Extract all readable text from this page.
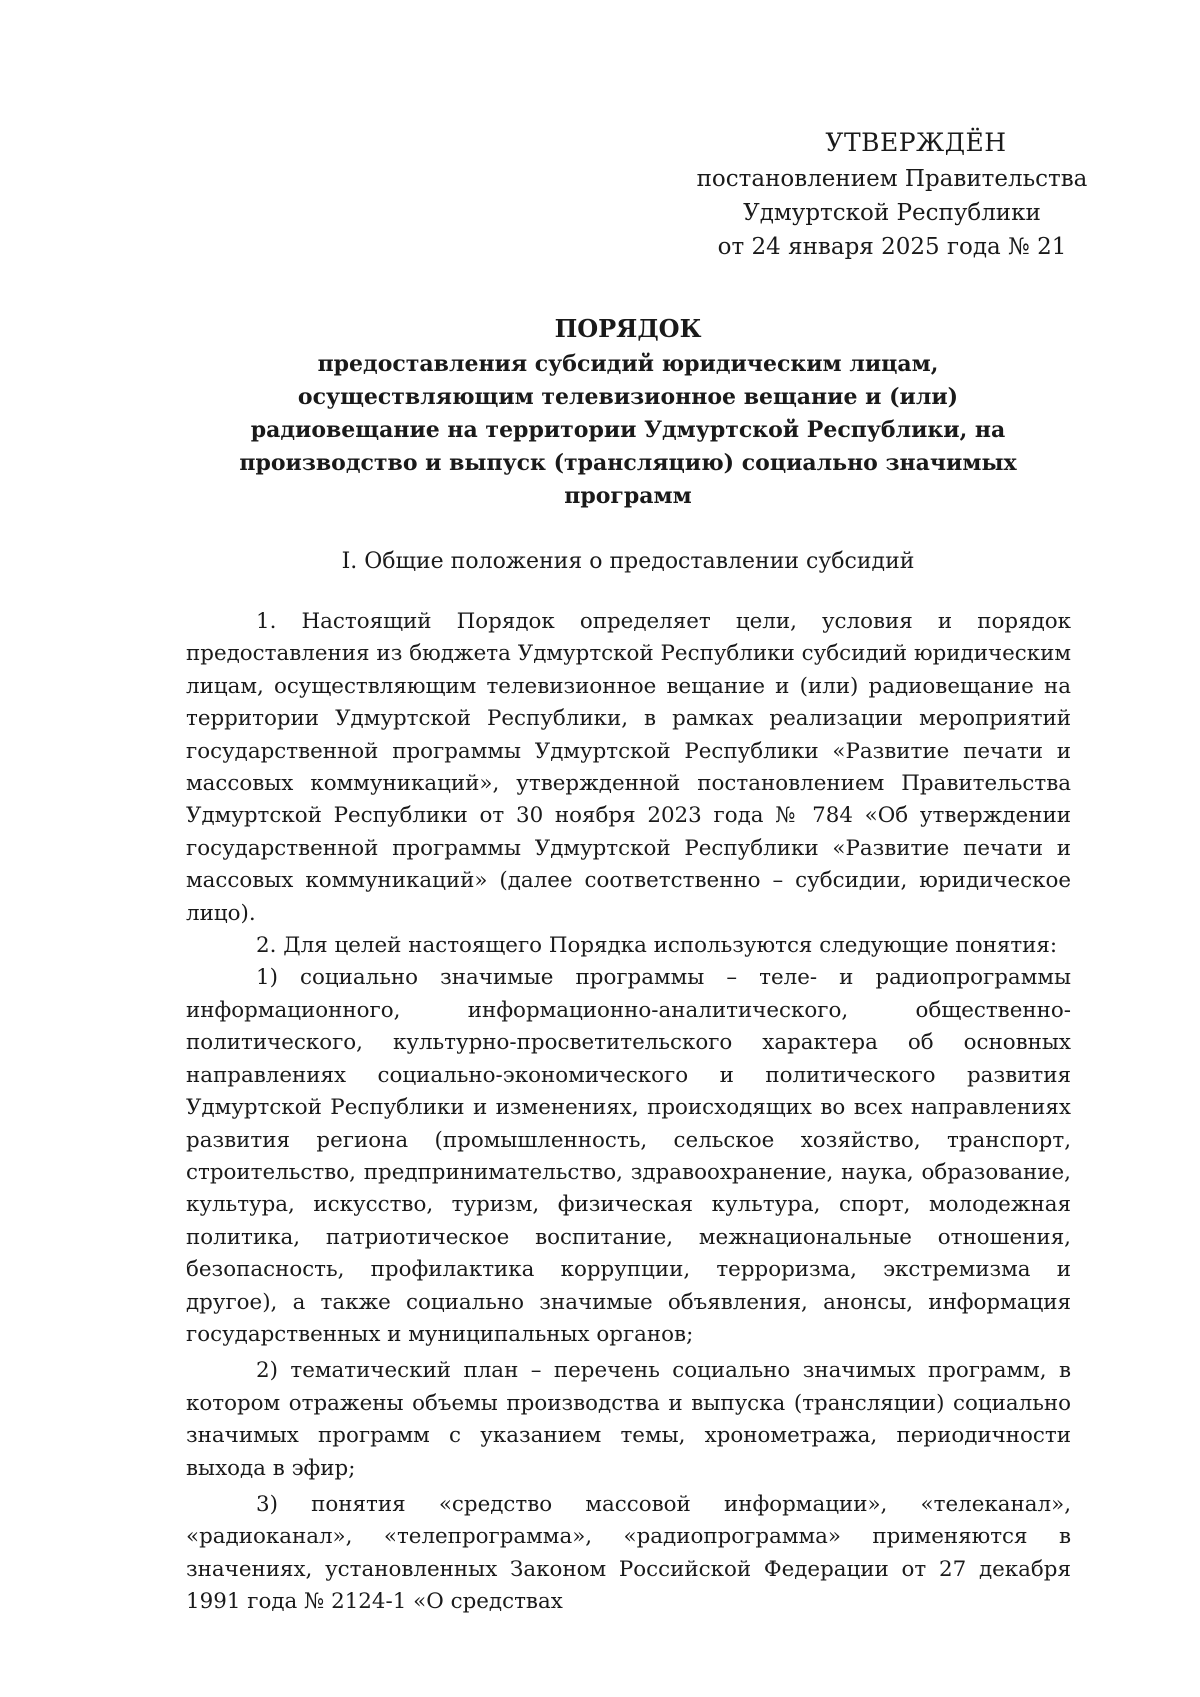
УТВЕРЖДЁН
постановлением Правительства
Удмуртской Республики
от 24 января 2025 года № 21
ПОРЯДОК
предоставления субсидий юридическим лицам, осуществляющим телевизионное вещание и (или) радиовещание на территории Удмуртской Республики, на производство и выпуск (трансляцию) социально значимых программ
I. Общие положения о предоставлении субсидий

1. Настоящий Порядок определяет цели, условия и порядок предоставления из бюджета Удмуртской Республики субсидий юридическим лицам, осуществляющим телевизионное вещание и (или) радиовещание на территории Удмуртской Республики, в рамках реализации мероприятий государственной программы Удмуртской Республики «Развитие печати и массовых коммуникаций», утвержденной постановлением Правительства Удмуртской Республики от 30 ноября 2023 года № 784 «Об утверждении государственной программы Удмуртской Республики «Развитие печати и массовых коммуникаций» (далее соответственно – субсидии, юридическое лицо).

2. Для целей настоящего Порядка используются следующие понятия:

1) социально значимые программы – теле- и радиопрограммы информационного, информационно-аналитического, общественно-политического, культурно-просветительского характера об основных направлениях социально-экономического и политического развития Удмуртской Республики и изменениях, происходящих во всех направлениях развития региона (промышленность, сельское хозяйство, транспорт, строительство, предпринимательство, здравоохранение, наука, образование, культура, искусство, туризм, физическая культура, спорт, молодежная политика, патриотическое воспитание, межнациональные отношения, безопасность, профилактика коррупции, терроризма, экстремизма и другое), а также социально значимые объявления, анонсы, информация государственных и муниципальных органов;

2) тематический план – перечень социально значимых программ, в котором отражены объемы производства и выпуска (трансляции) социально значимых программ с указанием темы, хронометража, периодичности выхода в эфир;

3) понятия «средство массовой информации», «телеканал», «радиоканал», «телепрограмма», «радиопрограмма» применяются в значениях, установленных Законом Российской Федерации от 27 декабря 1991 года № 2124-1 «О средствах
